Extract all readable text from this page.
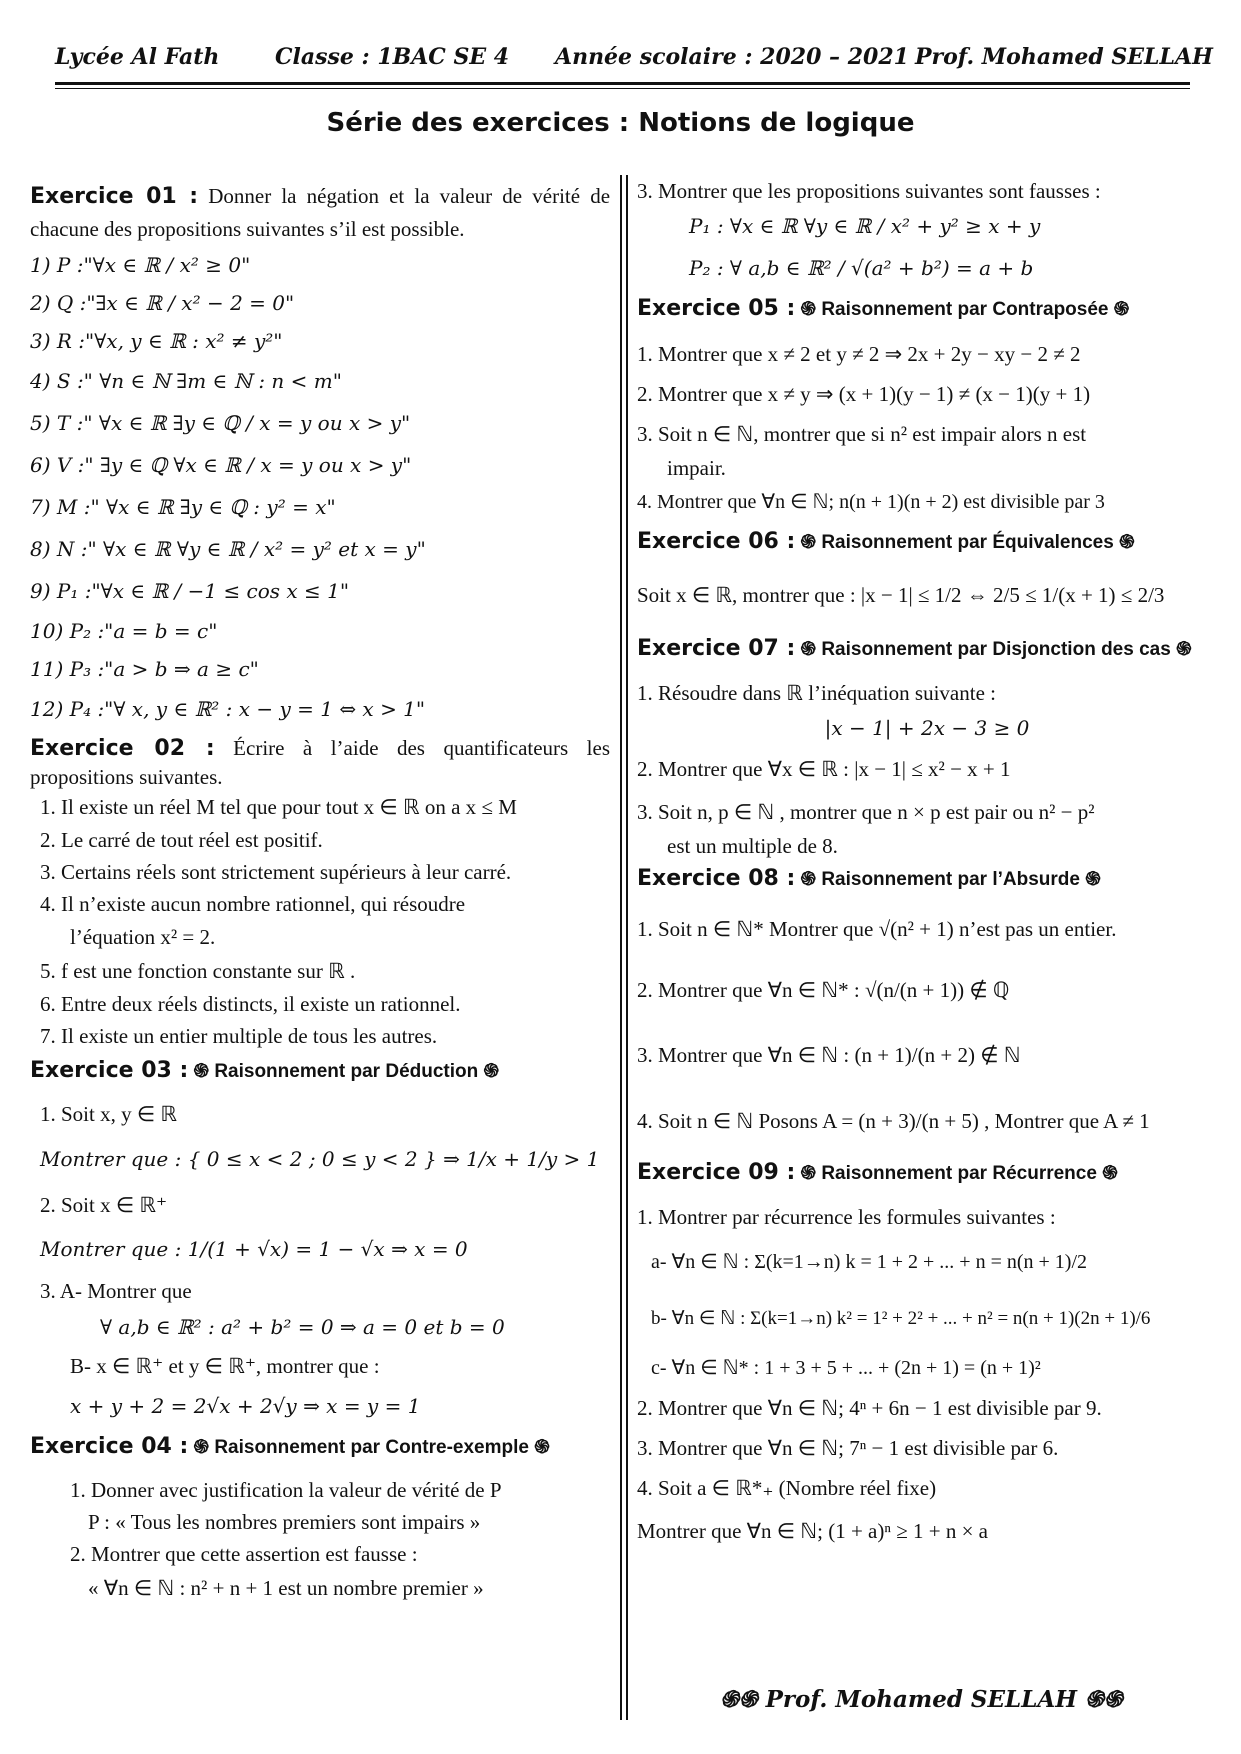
Lycée Al Fath	Classe : 1BAC SE 4 Année scolaire : 2020 – 2021 Prof. Mohamed SELLAH
Série des exercices : Notions de logique
Exercice 01 : Donner la négation et la valeur de vérité de chacune des propositions suivantes s’il est possible.
1) P :"∀x ∈ ℝ / x² ≥ 0"
2) Q :"∃x ∈ ℝ / x² − 2 = 0"
3) R :"∀x, y ∈ ℝ : x² ≠ y²"
4) S :" ∀n ∈ ℕ ∃m ∈ ℕ : n < m"
5) T :" ∀x ∈ ℝ ∃y ∈ ℚ / x = y ou x > y"
6) V :" ∃y ∈ ℚ ∀x ∈ ℝ / x = y ou x > y"
7) M :" ∀x ∈ ℝ ∃y ∈ ℚ : y² = x"
8) N :" ∀x ∈ ℝ ∀y ∈ ℝ / x² = y² et x = y"
9) P₁ :"∀x ∈ ℝ / −1 ≤ cos x ≤ 1"
10) P₂ :"a = b = c"
11) P₃ :"a > b ⇒ a ≥ c"
12) P₄ :"∀ x, y ∈ ℝ² : x − y = 1 ⇔ x > 1"
Exercice 02 : Écrire à l’aide des quantificateurs les propositions suivantes.
1. Il existe un réel M tel que pour tout x ∈ ℝ on a x ≤ M
2. Le carré de tout réel est positif.
3. Certains réels sont strictement supérieurs à leur carré.
4. Il n’existe aucun nombre rationnel, qui résoudre
l’équation x² = 2.
5. f est une fonction constante sur ℝ .
6. Entre deux réels distincts, il existe un rationnel.
7. Il existe un entier multiple de tous les autres.
Exercice 03 : ֍ Raisonnement par Déduction ֍
1. Soit x, y ∈ ℝ
Montrer que : { 0 ≤ x < 2 ; 0 ≤ y < 2 } ⇒ 1/x + 1/y > 1
2. Soit x ∈ ℝ⁺
Montrer que : 1/(1 + √x) = 1 − √x ⇒ x = 0
3. A- Montrer que
∀ a,b ∈ ℝ² : a² + b² = 0 ⇒ a = 0 et b = 0
B- x ∈ ℝ⁺ et y ∈ ℝ⁺, montrer que :
x + y + 2 = 2√x + 2√y ⇒ x = y = 1
Exercice 04 : ֍ Raisonnement par Contre-exemple ֍
1. Donner avec justification la valeur de vérité de P
P : « Tous les nombres premiers sont impairs »
2. Montrer que cette assertion est fausse :
« ∀n ∈ ℕ : n² + n + 1 est un nombre premier »
3. Montrer que les propositions suivantes sont fausses :
P₁ : ∀x ∈ ℝ ∀y ∈ ℝ / x² + y² ≥ x + y
P₂ : ∀ a,b ∈ ℝ² / √(a² + b²) = a + b
Exercice 05 : ֍ Raisonnement par Contraposée ֍
1. Montrer que x ≠ 2 et y ≠ 2 ⇒ 2x + 2y − xy − 2 ≠ 2
2. Montrer que x ≠ y ⇒ (x + 1)(y − 1) ≠ (x − 1)(y + 1)
3. Soit n ∈ ℕ, montrer que si n² est impair alors n est
impair.
4. Montrer que ∀n ∈ ℕ; n(n + 1)(n + 2) est divisible par 3
Exercice 06 : ֍ Raisonnement par Équivalences ֍
Soit x ∈ ℝ, montrer que : |x − 1| ≤ 1/2 ⇔ 2/5 ≤ 1/(x + 1) ≤ 2/3
Exercice 07 : ֍ Raisonnement par Disjonction des cas ֍
1. Résoudre dans ℝ l’inéquation suivante :
|x − 1| + 2x − 3 ≥ 0
2. Montrer que ∀x ∈ ℝ : |x − 1| ≤ x² − x + 1
3. Soit n, p ∈ ℕ , montrer que n × p est pair ou n² − p²
est un multiple de 8.
Exercice 08 : ֍ Raisonnement par l’Absurde ֍
1. Soit n ∈ ℕ* Montrer que √(n² + 1) n’est pas un entier.
2. Montrer que ∀n ∈ ℕ* : √(n/(n + 1)) ∉ ℚ
3. Montrer que ∀n ∈ ℕ : (n + 1)/(n + 2) ∉ ℕ
4. Soit n ∈ ℕ Posons A = (n + 3)/(n + 5) , Montrer que A ≠ 1
Exercice 09 : ֍ Raisonnement par Récurrence ֍
1. Montrer par récurrence les formules suivantes :
a- ∀n ∈ ℕ : Σ(k=1→n) k = 1 + 2 + ... + n = n(n + 1)/2
b- ∀n ∈ ℕ : Σ(k=1→n) k² = 1² + 2² + ... + n² = n(n + 1)(2n + 1)/6
c- ∀n ∈ ℕ* : 1 + 3 + 5 + ... + (2n + 1) = (n + 1)²
2. Montrer que ∀n ∈ ℕ; 4ⁿ + 6n − 1 est divisible par 9.
3. Montrer que ∀n ∈ ℕ; 7ⁿ − 1 est divisible par 6.
4. Soit a ∈ ℝ*₊ (Nombre réel fixe)
Montrer que ∀n ∈ ℕ; (1 + a)ⁿ ≥ 1 + n × a
֍֍ Prof. Mohamed SELLAH ֍֍
